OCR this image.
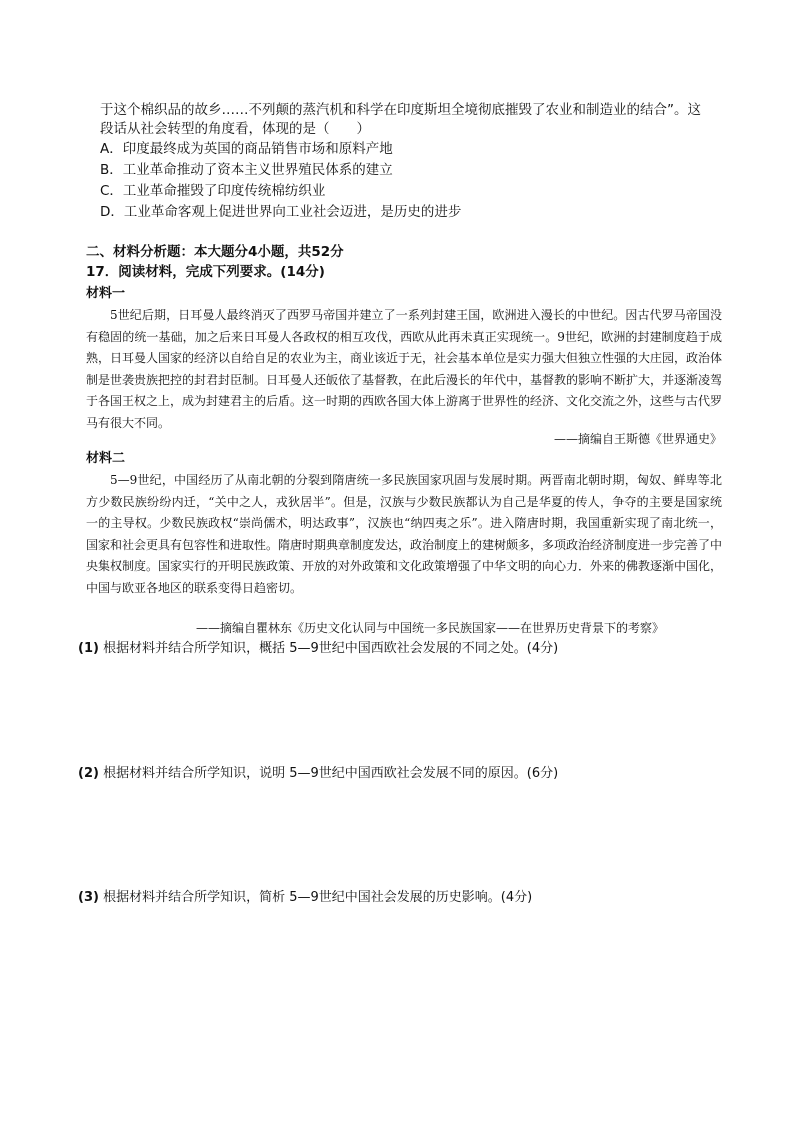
于这个棉织品的故乡……不列颠的蒸汽机和科学在印度斯坦全境彻底摧毁了农业和制造业的结合”。这
段话从社会转型的角度看，体现的是（　　）
A．印度最终成为英国的商品销售市场和原料产地
B．工业革命推动了资本主义世界殖民体系的建立
C．工业革命摧毁了印度传统棉纺织业
D．工业革命客观上促进世界向工业社会迈进，是历史的进步
二、材料分析题：本大题分4小题，共52分
17．阅读材料，完成下列要求。(14分)
材料一
5世纪后期，日耳曼人最终消灭了西罗马帝国并建立了一系列封建王国，欧洲进入漫长的中世纪。因古代罗马帝国没有稳固的统一基础，加之后来日耳曼人各政权的相互攻伐，西欧从此再未真正实现统一。9世纪，欧洲的封建制度趋于成熟，日耳曼人国家的经济以自给自足的农业为主，商业该近于无，社会基本单位是实力强大但独立性强的大庄园，政治体制是世袭贵族把控的封君封臣制。日耳曼人还皈依了基督教，在此后漫长的年代中，基督教的影响不断扩大，并逐渐凌驾于各国王权之上，成为封建君主的后盾。这一时期的西欧各国大体上游离于世界性的经济、文化交流之外，这些与古代罗马有很大不同。
——摘编自王斯德《世界通史》
材料二
5—9世纪，中国经历了从南北朝的分裂到隋唐统一多民族国家巩固与发展时期。两晋南北朝时期，匈奴、鲜卑等北方少数民族纷纷内迁，“关中之人，戎狄居半”。但是，汉族与少数民族都认为自己是华夏的传人，争夺的主要是国家统一的主导权。少数民族政权“崇尚儒术，明达政事”，汉族也“纳四夷之乐”。进入隋唐时期，我国重新实现了南北统一，国家和社会更具有包容性和进取性。隋唐时期典章制度发达，政治制度上的建树颇多，多项政治经济制度进一步完善了中央集权制度。国家实行的开明民族政策、开放的对外政策和文化政策增强了中华文明的向心力．外来的佛教逐渐中国化，中国与欧亚各地区的联系变得日趋密切。
——摘编自瞿林东《历史文化认同与中国统一多民族国家——在世界历史背景下的考察》
(1) 根据材料并结合所学知识，概括 5—9世纪中国西欧社会发展的不同之处。(4分)
(2) 根据材料并结合所学知识，说明 5—9世纪中国西欧社会发展不同的原因。(6分)
(3) 根据材料并结合所学知识，简析 5—9世纪中国社会发展的历史影响。(4分)
